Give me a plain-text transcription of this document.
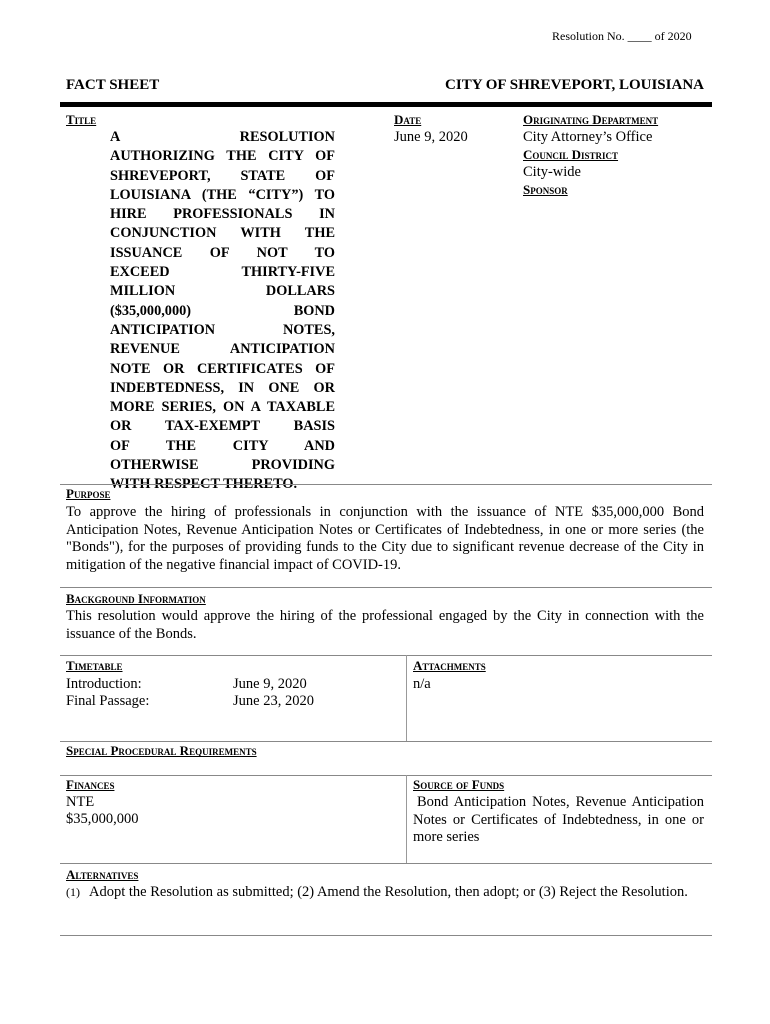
Resolution No. ____ of 2020
FACT SHEET	CITY OF SHREVEPORT, LOUISIANA
Title
A RESOLUTION
AUTHORIZING THE CITY OF
SHREVEPORT, STATE OF
LOUISIANA (THE “CITY”) TO
HIRE PROFESSIONALS IN
CONJUNCTION WITH THE
ISSUANCE OF NOT TO
EXCEED THIRTY-FIVE
MILLION DOLLARS
($35,000,000) BOND
ANTICIPATION NOTES,
REVENUE ANTICIPATION
NOTE OR CERTIFICATES OF
INDEBTEDNESS, IN ONE OR
MORE SERIES, ON A TAXABLE
OR TAX-EXEMPT BASIS
OF THE CITY AND
OTHERWISE PROVIDING
WITH RESPECT THERETO.
Date
June 9, 2020
Originating Department
City Attorney’s Office
Council District
City-wide
Sponsor
Purpose
To approve the hiring of professionals in conjunction with the issuance of NTE $35,000,000 Bond Anticipation Notes, Revenue Anticipation Notes or Certificates of Indebtedness, in one or more series (the "Bonds"), for the purposes of providing funds to the City due to significant revenue decrease of the City in mitigation of the negative financial impact of COVID-19.
Background Information
This resolution would approve the hiring of the professional engaged by the City in connection with the issuance of the Bonds.
Timetable
Introduction:	June 9, 2020
Final Passage:	June 23, 2020
Attachments
n/a
Special Procedural Requirements
Finances
NTE
$35,000,000
Source of Funds
Bond Anticipation Notes, Revenue Anticipation Notes or Certificates of Indebtedness, in one or more series
Alternatives
(1) Adopt the Resolution as submitted; (2) Amend the Resolution, then adopt; or (3) Reject the Resolution.
